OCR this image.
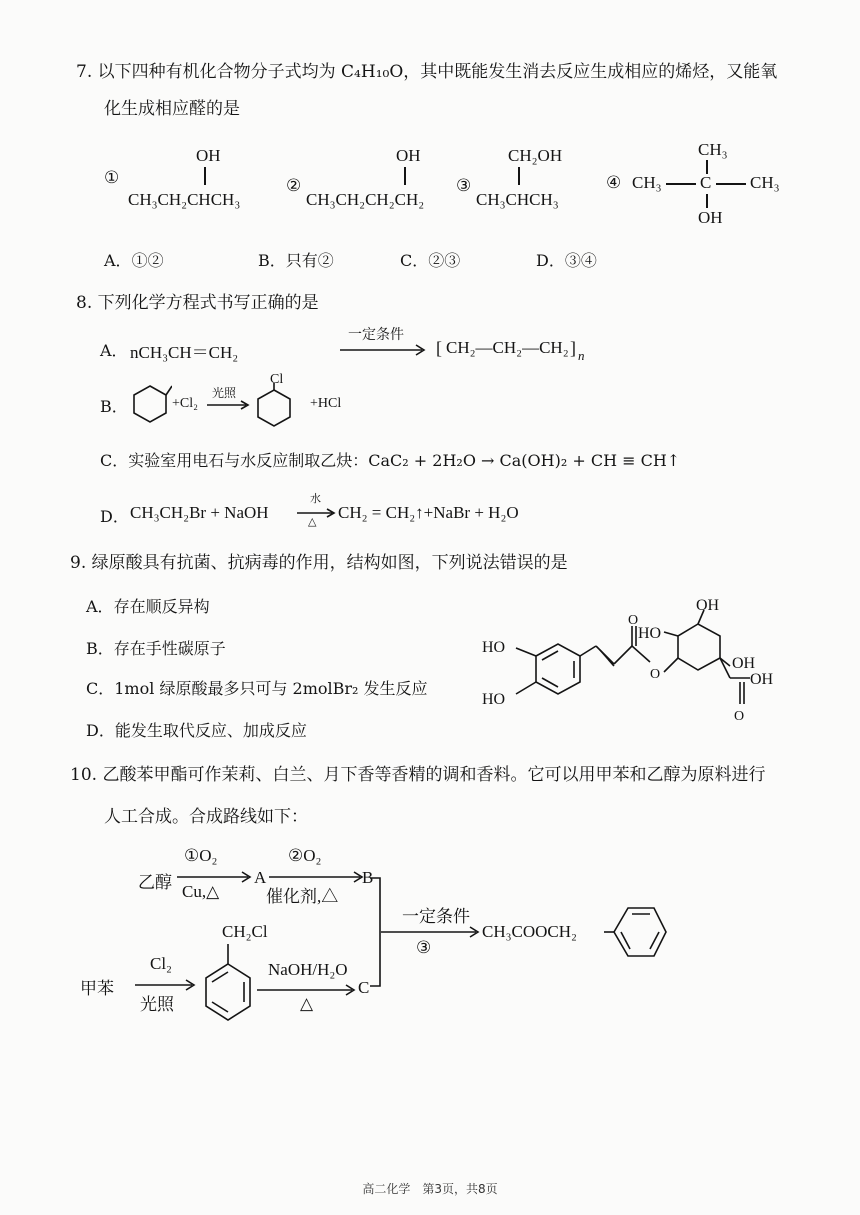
7. 以下四种有机化合物分子式均为 C₄H₁₀O，其中既能发生消去反应生成相应的烯烃，又能氧
化生成相应醛的是
①
OH
CH₃CH₂CHCH₃
②
OH
CH₃CH₂CH₂CH₂
③
CH₂OH
CH₃CHCH₃
④
CH₃
CH₃ C CH₃
OH
A．①②	B．只有②	C．②③	D．③④
8. 下列化学方程式书写正确的是
A． nCH₃CH＝CH₂
一定条件
[ CH₂—CH₂—CH₂ ] n
B．	+Cl₂
光照
Cl
+HCl
C．实验室用电石与水反应制取乙炔：CaC₂ + 2H₂O → Ca(OH)₂ + CH ≡ CH↑
D． CH₃CH₂Br + NaOH
水
△ CH₂ = CH₂↑+NaBr + H₂O
9. 绿原酸具有抗菌、抗病毒的作用，结构如图，下列说法错误的是
A．存在顺反异构
B．存在手性碳原子
C．1mol 绿原酸最多只可与 2molBr₂ 发生反应
D．能发生取代反应、加成反应
HO
HO
O
O
OH
HO
OH
OH
O
10. 乙酸苯甲酯可作茉莉、白兰、月下香等香精的调和香料。它可以用甲苯和乙醇为原料进行
人工合成。合成路线如下：
乙醇
①O₂
Cu,△
A
②O₂
催化剂,△
B
一定条件
③
CH₃COOCH₂
甲苯
Cl₂
光照
CH₂Cl
NaOH/H₂O
△
C
高二化学　第3页，共8页
